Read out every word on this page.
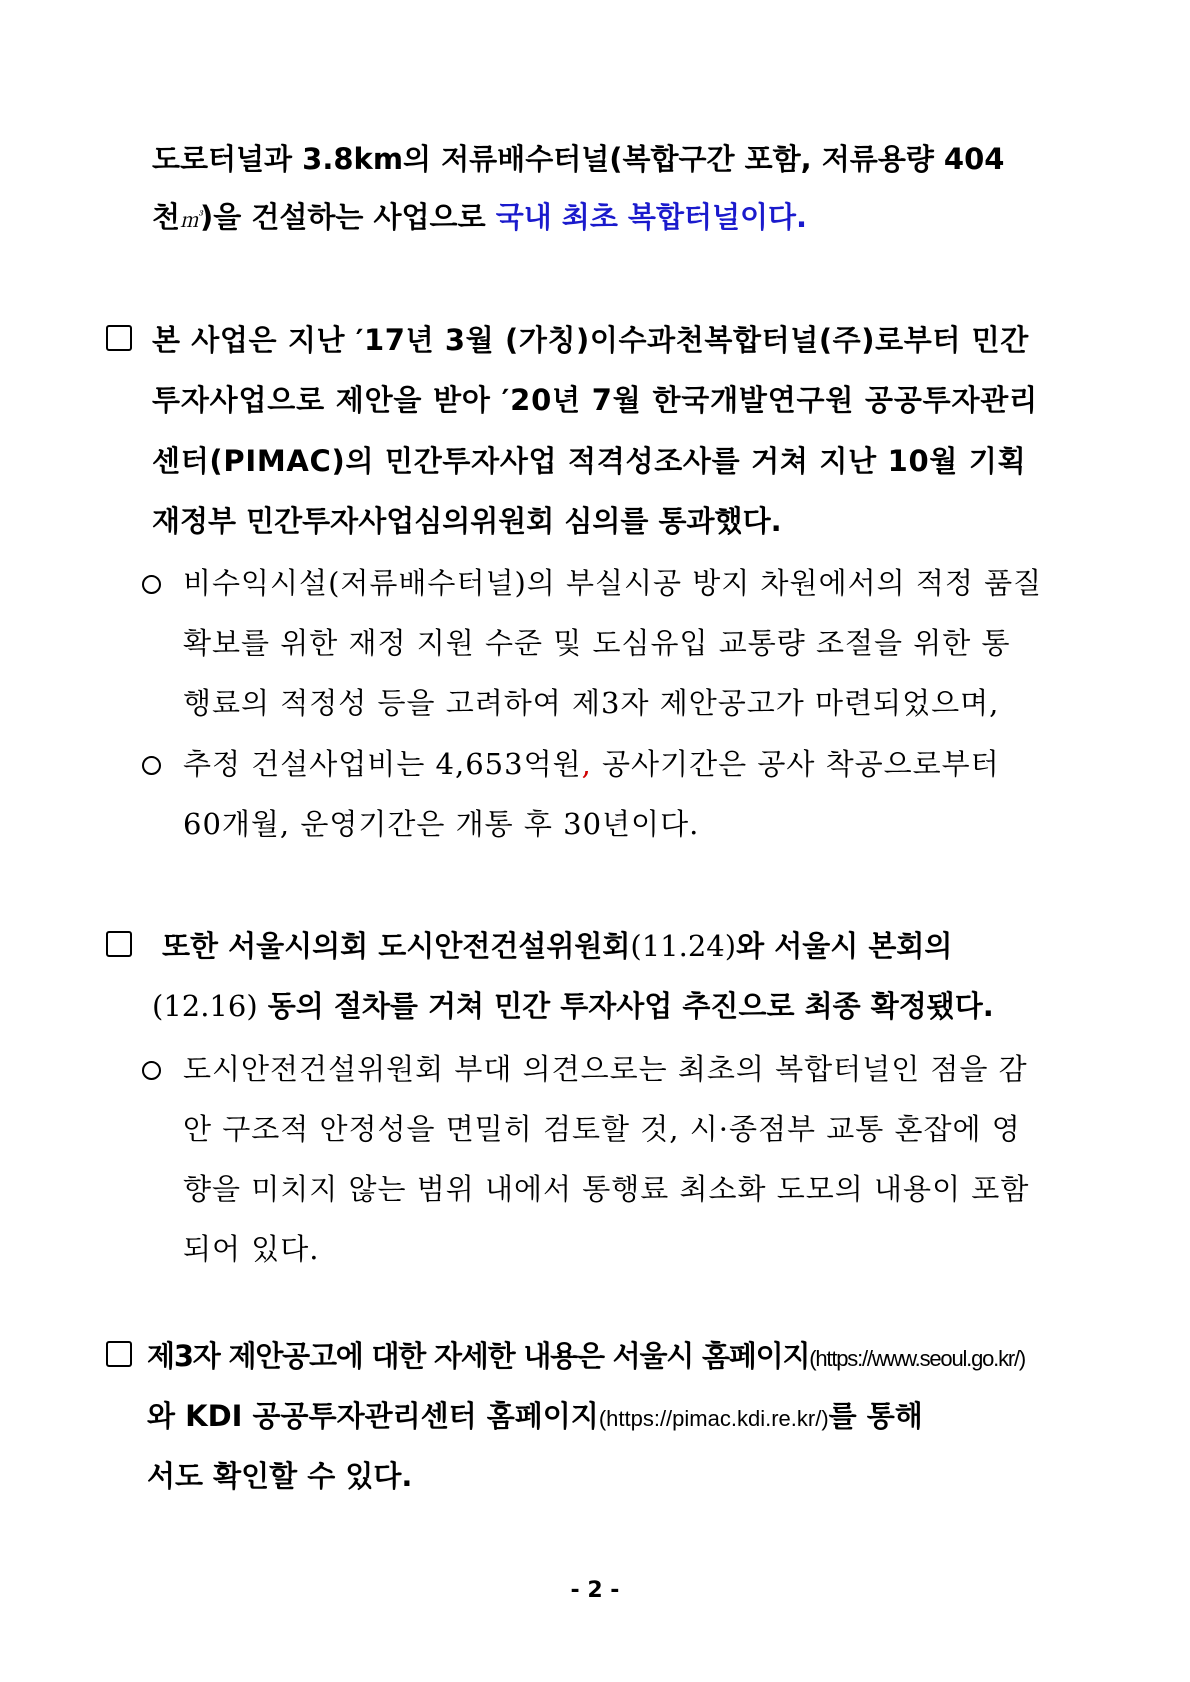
도로터널과 3.8km의 저류배수터널(복합구간 포함, 저류용량 404
천㎥)을 건설하는 사업으로 국내 최초 복합터널이다.
본 사업은 지난 ′17년 3월 (가칭)이수과천복합터널(주)로부터 민간
투자사업으로 제안을 받아 ′20년 7월 한국개발연구원 공공투자관리
센터(PIMAC)의 민간투자사업 적격성조사를 거쳐 지난 10월 기획
재정부 민간투자사업심의위원회 심의를 통과했다.
비수익시설(저류배수터널)의 부실시공 방지 차원에서의 적정 품질
확보를 위한 재정 지원 수준 및 도심유입 교통량 조절을 위한 통
행료의 적정성 등을 고려하여 제3자 제안공고가 마련되었으며,
추정 건설사업비는 4,653억원, 공사기간은 공사 착공으로부터
60개월, 운영기간은 개통 후 30년이다.
또한 서울시의회 도시안전건설위원회(11.24)와 서울시 본회의
(12.16) 동의 절차를 거쳐 민간 투자사업 추진으로 최종 확정됐다.
도시안전건설위원회 부대 의견으로는 최초의 복합터널인 점을 감
안 구조적 안정성을 면밀히 검토할 것, 시·종점부 교통 혼잡에 영
향을 미치지 않는 범위 내에서 통행료 최소화 도모의 내용이 포함
되어 있다.
제3자 제안공고에 대한 자세한 내용은 서울시 홈페이지(https://www.seoul.go.kr/)
와 KDI 공공투자관리센터 홈페이지(https://pimac.kdi.re.kr/)를 통해
서도 확인할 수 있다.
- 2 -
